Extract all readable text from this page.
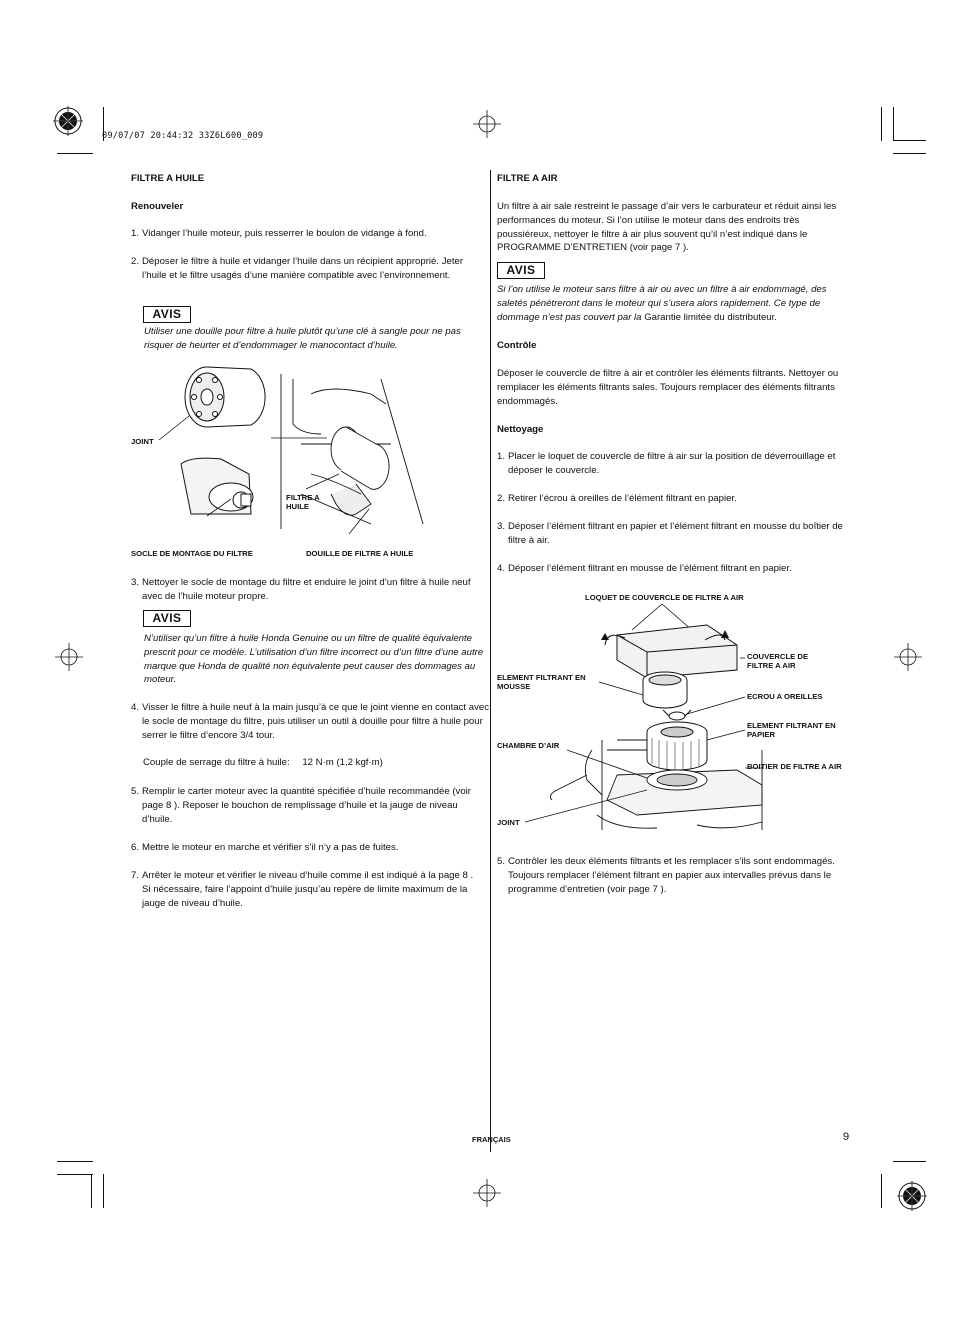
09/07/07 20:44:32 33Z6L600_009
FILTRE A HUILE
Renouveler
1. Vidanger l’huile moteur, puis resserrer le boulon de vidange à fond.
2. Déposer le filtre à huile et vidanger l’huile dans un récipient approprié. Jeter l’huile et le filtre usagés d’une manière compatible avec l’environnement.
AVIS
Utiliser une douille pour filtre à huile plutôt qu’une clé à sangle pour ne pas risquer de heurter et d’endommager le manocontact d’huile.
JOINT
FILTRE A HUILE
SOCLE DE MONTAGE DU FILTRE	DOUILLE DE FILTRE A HUILE
3. Nettoyer le socle de montage du filtre et enduire le joint d’un filtre à huile neuf avec de l’huile moteur propre.
AVIS
N’utiliser qu’un filtre à huile Honda Genuine ou un filtre de qualité équivalente prescrit pour ce modèle. L’utilisation d’un filtre incorrect ou d’un filtre d’une autre marque que Honda de qualité non équivalente peut causer des dommages au moteur.
4. Visser le filtre à huile neuf à la main jusqu’à ce que le joint vienne en contact avec le socle de montage du filtre, puis utiliser un outil à douille pour filtre à huile pour serrer le filtre d’encore 3/4 tour.
Couple de serrage du filtre à huile: 12 N·m (1,2 kgf·m)
5. Remplir le carter moteur avec la quantité spécifiée d’huile recommandée (voir page 8 ). Reposer le bouchon de remplissage d’huile et la jauge de niveau d’huile.
6. Mettre le moteur en marche et vérifier s’il n’y a pas de fuites.
7. Arrêter le moteur et vérifier le niveau d’huile comme il est indiqué à la page 8 . Si nécessaire, faire l’appoint d’huile jusqu’au repère de limite maximum de la jauge de niveau d’huile.
FILTRE A AIR
Un filtre à air sale restreint le passage d’air vers le carburateur et réduit ainsi les performances du moteur. Si l’on utilise le moteur dans des endroits très poussiéreux, nettoyer le filtre à air plus souvent qu’il n’est indiqué dans le PROGRAMME D’ENTRETIEN (voir page 7 ).
AVIS
Si l’on utilise le moteur sans filtre à air ou avec un filtre à air endommagé, des saletés pénétreront dans le moteur qui s’usera alors rapidement. Ce type de dommage n’est pas couvert par la Garantie limitée du distributeur.
Contrôle
Déposer le couvercle de filtre à air et contrôler les éléments filtrants. Nettoyer ou remplacer les éléments filtrants sales. Toujours remplacer des éléments filtrants endommagés.
Nettoyage
1. Placer le loquet de couvercle de filtre à air sur la position de déverrouillage et déposer le couvercle.
2. Retirer l’écrou à oreilles de l’élément filtrant en papier.
3. Déposer l’élément filtrant en papier et l’élément filtrant en mousse du boîtier de filtre à air.
4. Déposer l’élément filtrant en mousse de l’élément filtrant en papier.
LOQUET DE COUVERCLE DE FILTRE A AIR
COUVERCLE DE FILTRE A AIR
ELEMENT FILTRANT EN MOUSSE
ECROU A OREILLES
ELEMENT FILTRANT EN PAPIER
CHAMBRE D’AIR
BOITIER DE FILTRE A AIR
JOINT
5. Contrôler les deux éléments filtrants et les remplacer s’ils sont endommagés. Toujours remplacer l’élément filtrant en papier aux intervalles prévus dans le programme d’entretien (voir page 7 ).
FRANÇAIS	9
